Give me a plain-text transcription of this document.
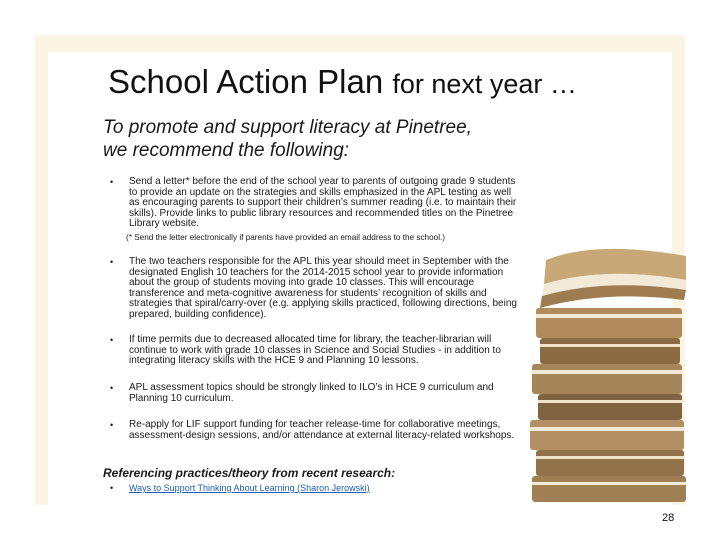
School Action Plan for next year …
To promote and support literacy at Pinetree,
we recommend the following:
• Send a letter* before the end of the school year to parents of outgoing grade 9 students to provide an update on the strategies and skills emphasized in the APL testing as well as encouraging parents to support their children’s summer reading (i.e. to maintain their skills). Provide links to public library resources and recommended titles on the Pinetree Library website.
(* Send the letter electronically if parents have provided an email address to the school.)
• The two teachers responsible for the APL this year should meet in September with the designated English 10 teachers for the 2014-2015 school year to provide information about the group of students moving into grade 10 classes. This will encourage transference and meta-cognitive awareness for students’ recognition of skills and strategies that spiral/carry-over (e.g. applying skills practiced, following directions, being prepared, building confidence).
• If time permits due to decreased allocated time for library, the teacher-librarian will continue to work with grade 10 classes in Science and Social Studies - in addition to integrating literacy skills with the HCE 9 and Planning 10 lessons.
• APL assessment topics should be strongly linked to ILO’s in HCE 9 curriculum and Planning 10 curriculum.
• Re-apply for LIF support funding for teacher release-time for collaborative meetings, assessment-design sessions, and/or attendance at external literacy-related workshops.
Referencing practices/theory from recent research:
• Ways to Support Thinking About Learning (Sharon Jerowski)
28
